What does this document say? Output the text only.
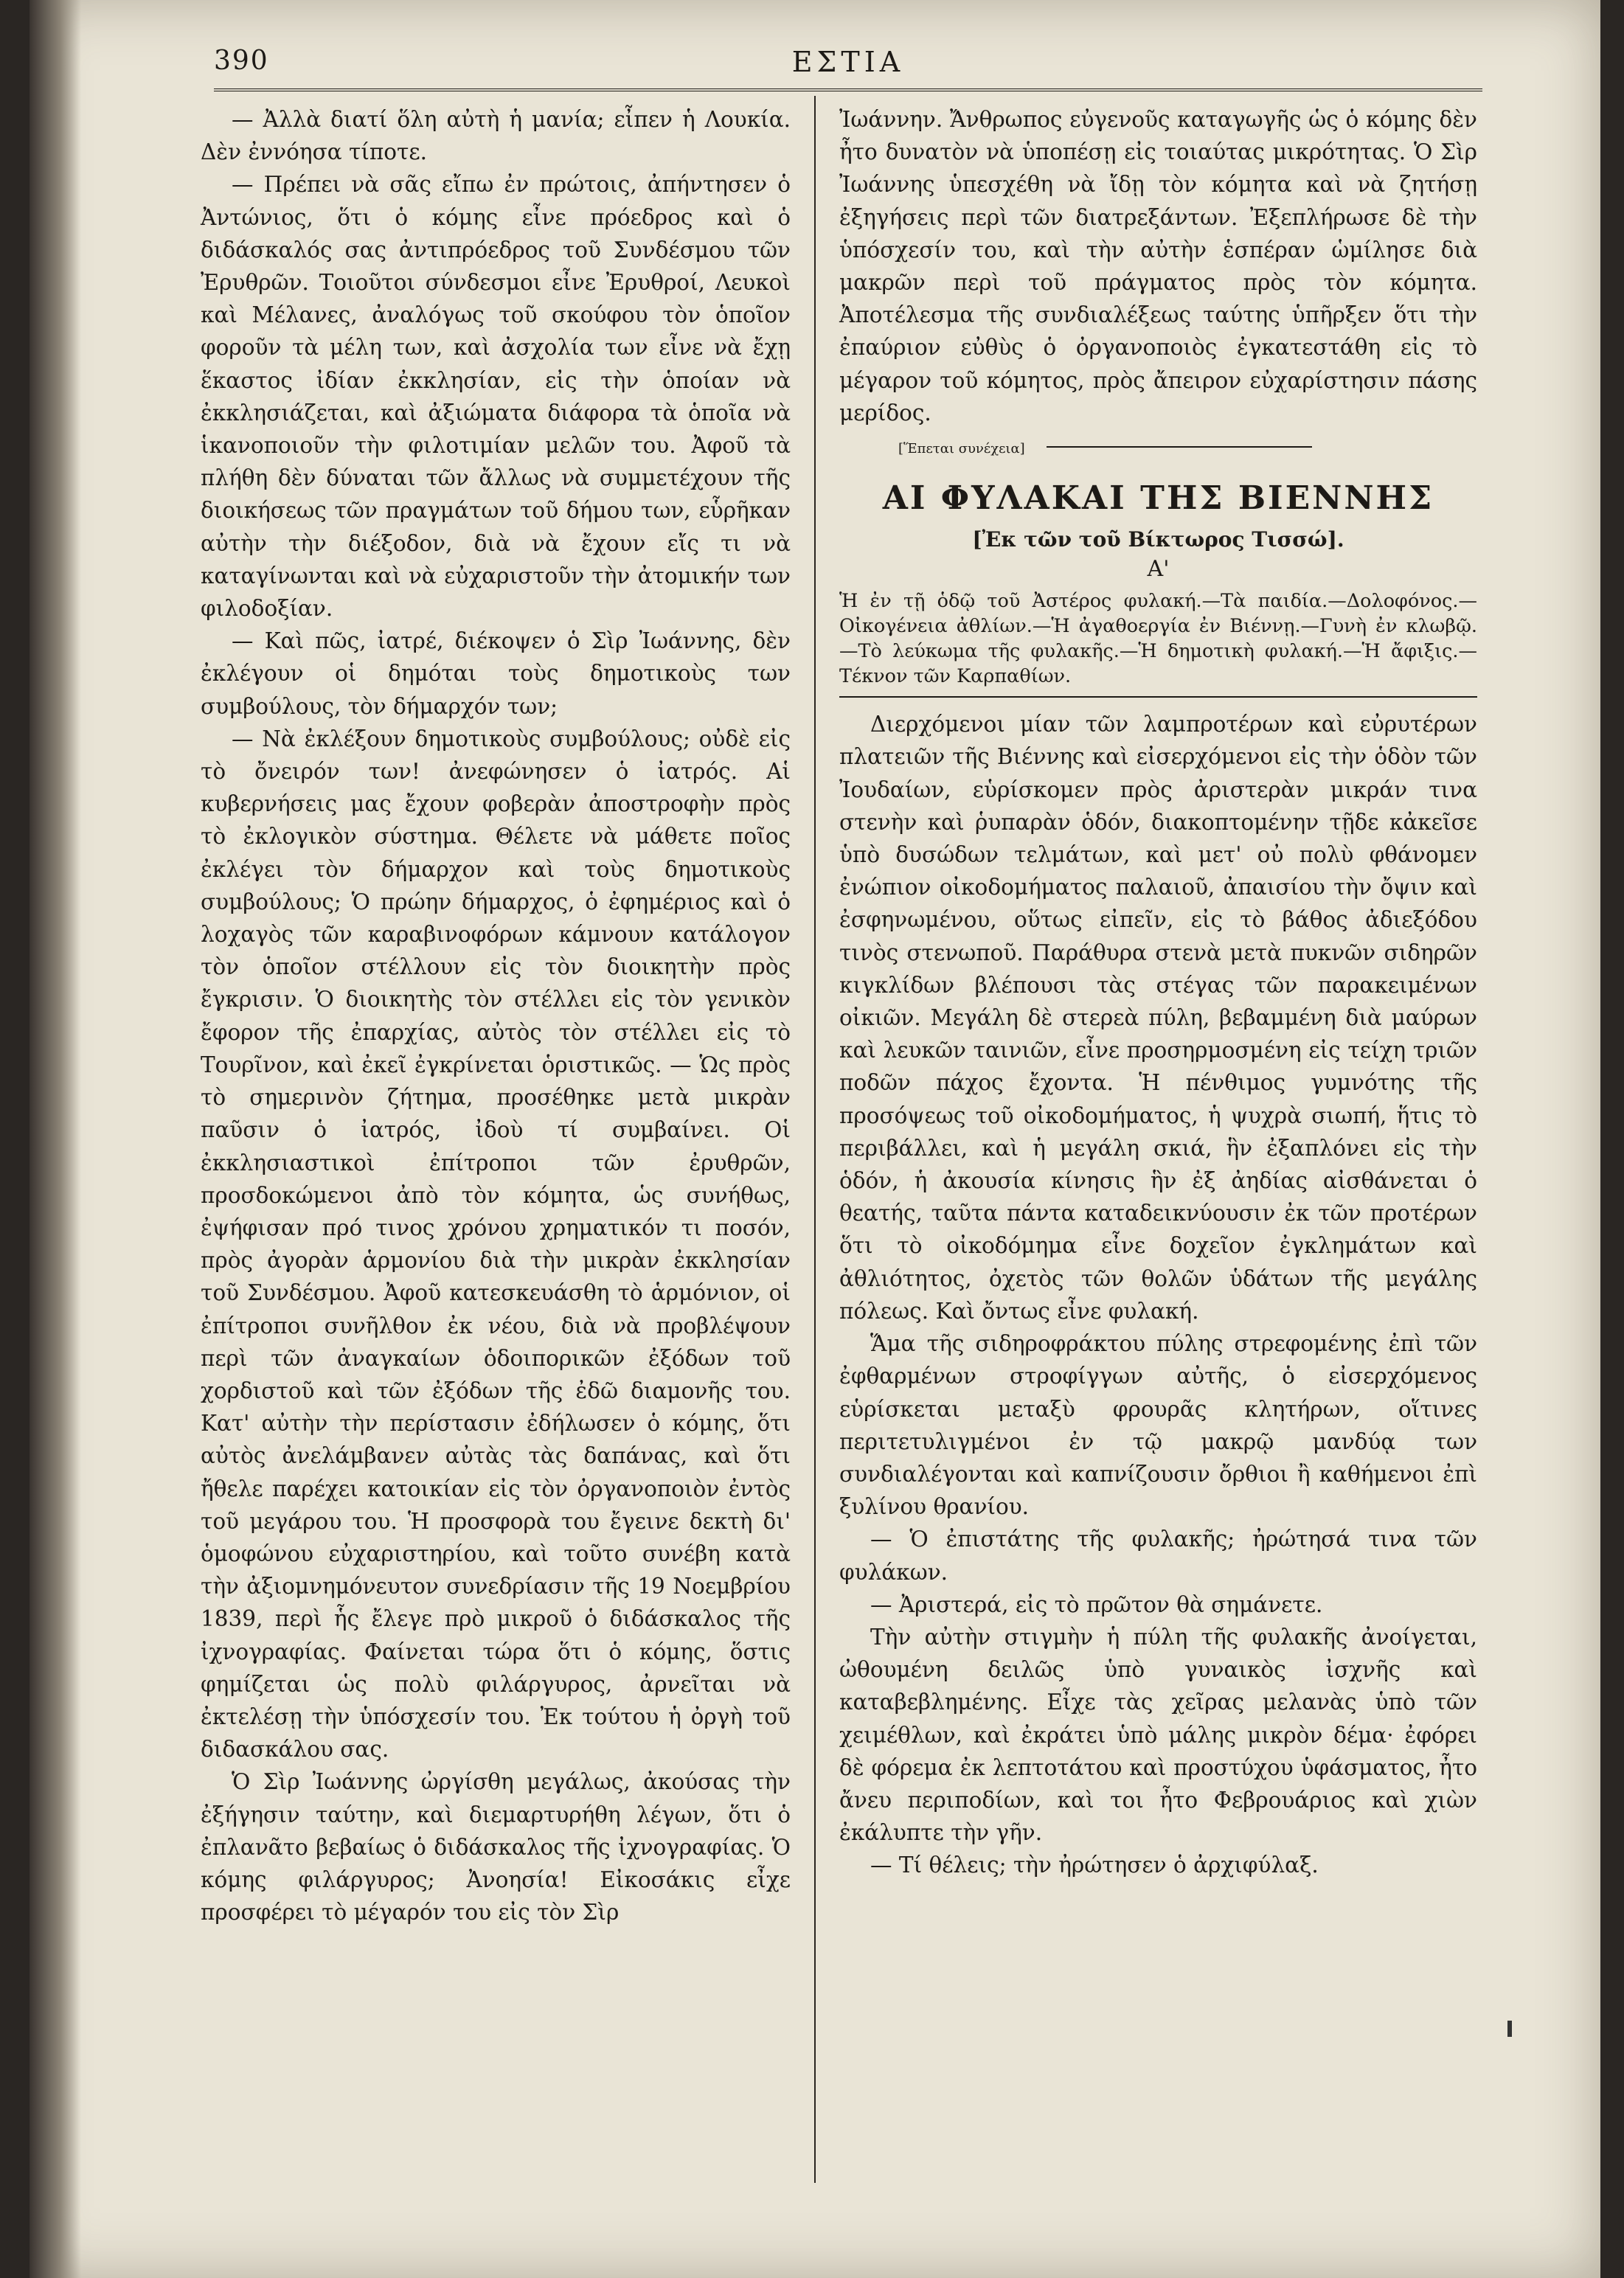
390	ΕΣΤΙΑ

— Ἀλλὰ διατί ὅλη αὐτὴ ἡ μανία; εἶπεν ἡ Λουκία. Δὲν ἐννόησα τίποτε.

— Πρέπει νὰ σᾶς εἴπω ἐν πρώτοις, ἀπήντησεν ὁ Ἀντώνιος, ὅτι ὁ κόμης εἶνε πρόεδρος καὶ ὁ διδάσκαλός σας ἀντιπρόεδρος τοῦ Συνδέσμου τῶν Ἐρυθρῶν. Τοιοῦτοι σύνδεσμοι εἶνε Ἐρυθροί, Λευκοὶ καὶ Μέλανες, ἀναλόγως τοῦ σκούφου τὸν ὁποῖον φοροῦν τὰ μέλη των, καὶ ἀσχολία των εἶνε νὰ ἔχῃ ἕκαστος ἰδίαν ἐκκλησίαν, εἰς τὴν ὁποίαν νὰ ἐκκλησιάζεται, καὶ ἀξιώματα διάφορα τὰ ὁποῖα νὰ ἱκανοποιοῦν τὴν φιλοτιμίαν μελῶν του. Ἀφοῦ τὰ πλήθη δὲν δύναται τῶν ἄλλως νὰ συμμετέχουν τῆς διοικήσεως τῶν πραγμάτων τοῦ δήμου των, εὗρῆκαν αὐτὴν τὴν διέξοδον, διὰ νὰ ἔχουν εἴς τι νὰ καταγίνωνται καὶ νὰ εὐχαριστοῦν τὴν ἀτομικήν των φιλοδοξίαν.

— Καὶ πῶς, ἰατρέ, διέκοψεν ὁ Σὶρ Ἰωάννης, δὲν ἐκλέγουν οἱ δημόται τοὺς δημοτικοὺς των συμβούλους, τὸν δήμαρχόν των;

— Νὰ ἐκλέξουν δημοτικοὺς συμβούλους; οὐδὲ εἰς τὸ ὄνειρόν των! ἀνεφώνησεν ὁ ἰατρός. Αἱ κυβερνήσεις μας ἔχουν φοβερὰν ἀποστροφὴν πρὸς τὸ ἐκλογικὸν σύστημα. Θέλετε νὰ μάθετε ποῖος ἐκλέγει τὸν δήμαρχον καὶ τοὺς δημοτικοὺς συμβούλους; Ὁ πρώην δήμαρχος, ὁ ἐφημέριος καὶ ὁ λοχαγὸς τῶν καραβινοφόρων κάμνουν κατάλογον τὸν ὁποῖον στέλλουν εἰς τὸν διοικητὴν πρὸς ἔγκρισιν. Ὁ διοικητὴς τὸν στέλλει εἰς τὸν γενικὸν ἔφορον τῆς ἐπαρχίας, αὐτὸς τὸν στέλλει εἰς τὸ Τουρῖνον, καὶ ἐκεῖ ἐγκρίνεται ὁριστικῶς. — Ὡς πρὸς τὸ σημερινὸν ζήτημα, προσέθηκε μετὰ μικρὰν παῦσιν ὁ ἰατρός, ἰδοὺ τί συμβαίνει. Οἱ ἐκκλησιαστικοὶ ἐπίτροποι τῶν ἐρυθρῶν, προσδοκώμενοι ἀπὸ τὸν κόμητα, ὡς συνήθως, ἐψήφισαν πρό τινος χρόνου χρηματικόν τι ποσόν, πρὸς ἀγορὰν ἁρμονίου διὰ τὴν μικρὰν ἐκκλησίαν τοῦ Συνδέσμου. Ἀφοῦ κατεσκευάσθη τὸ ἁρμόνιον, οἱ ἐπίτροποι συνῆλθον ἐκ νέου, διὰ νὰ προβλέψουν περὶ τῶν ἀναγκαίων ὁδοιπορικῶν ἐξόδων τοῦ χορδιστοῦ καὶ τῶν ἐξόδων τῆς ἐδῶ διαμονῆς του. Κατ' αὐτὴν τὴν περίστασιν ἐδήλωσεν ὁ κόμης, ὅτι αὐτὸς ἀνελάμβανεν αὐτὰς τὰς δαπάνας, καὶ ὅτι ἤθελε παρέχει κατοικίαν εἰς τὸν ὀργανοποιὸν ἐντὸς τοῦ μεγάρου του. Ἡ προσφορὰ του ἔγεινε δεκτὴ δι' ὁμοφώνου εὐχαριστηρίου, καὶ τοῦτο συνέβη κατὰ τὴν ἀξιομνημόνευτον συνεδρίασιν τῆς 19 Νοεμβρίου 1839, περὶ ἧς ἔλεγε πρὸ μικροῦ ὁ διδάσκαλος τῆς ἰχνογραφίας. Φαίνεται τώρα ὅτι ὁ κόμης, ὅστις φημίζεται ὡς πολὺ φιλάργυρος, ἀρνεῖται νὰ ἐκτελέσῃ τὴν ὑπόσχεσίν του. Ἐκ τούτου ἡ ὀργὴ τοῦ διδασκάλου σας.

Ὁ Σὶρ Ἰωάννης ὠργίσθη μεγάλως, ἀκούσας τὴν ἐξήγησιν ταύτην, καὶ διεμαρτυρήθη λέγων, ὅτι ὁ ἐπλανᾶτο βεβαίως ὁ διδάσκαλος τῆς ἰχνογραφίας. Ὁ κόμης φιλάργυρος; Ἀνοησία! Εἰκοσάκις εἶχε προσφέρει τὸ μέγαρόν του εἰς τὸν Σὶρ

Ἰωάννην. Ἄνθρωπος εὐγενοῦς καταγωγῆς ὡς ὁ κόμης δὲν ἦτο δυνατὸν νὰ ὑποπέσῃ εἰς τοιαύτας μικρότητας. Ὁ Σὶρ Ἰωάννης ὑπεσχέθη νὰ ἴδῃ τὸν κόμητα καὶ νὰ ζητήσῃ ἐξηγήσεις περὶ τῶν διατρεξάντων. Ἐξεπλήρωσε δὲ τὴν ὑπόσχεσίν του, καὶ τὴν αὐτὴν ἑσπέραν ὡμίλησε διὰ μακρῶν περὶ τοῦ πράγματος πρὸς τὸν κόμητα. Ἀποτέλεσμα τῆς συνδιαλέξεως ταύτης ὑπῆρξεν ὅτι τὴν ἐπαύριον εὐθὺς ὁ ὀργανοποιὸς ἐγκατεστάθη εἰς τὸ μέγαρον τοῦ κόμητος, πρὸς ἄπειρον εὐχαρίστησιν πάσης μερίδος.

[Ἕπεται συνέχεια]
ΑΙ ΦΥΛΑΚΑΙ ΤΗΣ ΒΙΕΝΝΗΣ
[Ἐκ τῶν τοῦ Βίκτωρος Τισσώ].
Α'
Ἡ ἐν τῇ ὁδῷ τοῦ Ἀστέρος φυλακή.—Τὰ παιδία.—Δολοφόνος.—Οἰκογένεια ἀθλίων.—Ἡ ἀγαθοεργία ἐν Βιέννῃ.—Γυνὴ ἐν κλωβῷ.—Τὸ λεύκωμα τῆς φυλακῆς.—Ἡ δημοτικὴ φυλακή.—Ἡ ἄφιξις.—Τέκνον τῶν Καρπαθίων.

Διερχόμενοι μίαν τῶν λαμπροτέρων καὶ εὐρυτέρων πλατειῶν τῆς Βιέννης καὶ εἰσερχόμενοι εἰς τὴν ὁδὸν τῶν Ἰουδαίων, εὑρίσκομεν πρὸς ἀριστερὰν μικράν τινα στενὴν καὶ ῥυπαρὰν ὁδόν, διακοπτομένην τῇδε κἀκεῖσε ὑπὸ δυσώδων τελμάτων, καὶ μετ' οὐ πολὺ φθάνομεν ἐνώπιον οἰκοδομήματος παλαιοῦ, ἀπαισίου τὴν ὄψιν καὶ ἐσφηνωμένου, οὕτως εἰπεῖν, εἰς τὸ βάθος ἀδιεξόδου τινὸς στενωποῦ. Παράθυρα στενὰ μετὰ πυκνῶν σιδηρῶν κιγκλίδων βλέπουσι τὰς στέγας τῶν παρακειμένων οἰκιῶν. Μεγάλη δὲ στερεὰ πύλη, βεβαμμένη διὰ μαύρων καὶ λευκῶν ταινιῶν, εἶνε προσηρμοσμένη εἰς τείχη τριῶν ποδῶν πάχος ἔχοντα. Ἡ πένθιμος γυμνότης τῆς προσόψεως τοῦ οἰκοδομήματος, ἡ ψυχρὰ σιωπή, ἥτις τὸ περιβάλλει, καὶ ἡ μεγάλη σκιά, ἣν ἐξαπλόνει εἰς τὴν ὁδόν, ἡ ἀκουσία κίνησις ἣν ἐξ ἀηδίας αἰσθάνεται ὁ θεατής, ταῦτα πάντα καταδεικνύουσιν ἐκ τῶν προτέρων ὅτι τὸ οἰκοδόμημα εἶνε δοχεῖον ἐγκλημάτων καὶ ἀθλιότητος, ὀχετὸς τῶν θολῶν ὑδάτων τῆς μεγάλης πόλεως. Καὶ ὄντως εἶνε φυλακή.

Ἅμα τῆς σιδηροφράκτου πύλης στρεφομένης ἐπὶ τῶν ἐφθαρμένων στροφίγγων αὐτῆς, ὁ εἰσερχόμενος εὑρίσκεται μεταξὺ φρουρᾶς κλητήρων, οἵτινες περιτετυλιγμένοι ἐν τῷ μακρῷ μανδύᾳ των συνδιαλέγονται καὶ καπνίζουσιν ὄρθιοι ἢ καθήμενοι ἐπὶ ξυλίνου θρανίου.

— Ὁ ἐπιστάτης τῆς φυλακῆς; ἠρώτησά τινα τῶν φυλάκων.

— Ἀριστερά, εἰς τὸ πρῶτον θὰ σημάνετε.

Τὴν αὐτὴν στιγμὴν ἡ πύλη τῆς φυλακῆς ἀνοίγεται, ὠθουμένη δειλῶς ὑπὸ γυναικὸς ἰσχνῆς καὶ καταβεβλημένης. Εἶχε τὰς χεῖρας μελανὰς ὑπὸ τῶν χειμέθλων, καὶ ἐκράτει ὑπὸ μάλης μικρὸν δέμα· ἐφόρει δὲ φόρεμα ἐκ λεπτοτάτου καὶ προστύχου ὑφάσματος, ἦτο ἄνευ περιποδίων, καὶ τοι ἦτο Φεβρουάριος καὶ χιὼν ἐκάλυπτε τὴν γῆν.

— Τί θέλεις; τὴν ἠρώτησεν ὁ ἀρχιφύλαξ.
